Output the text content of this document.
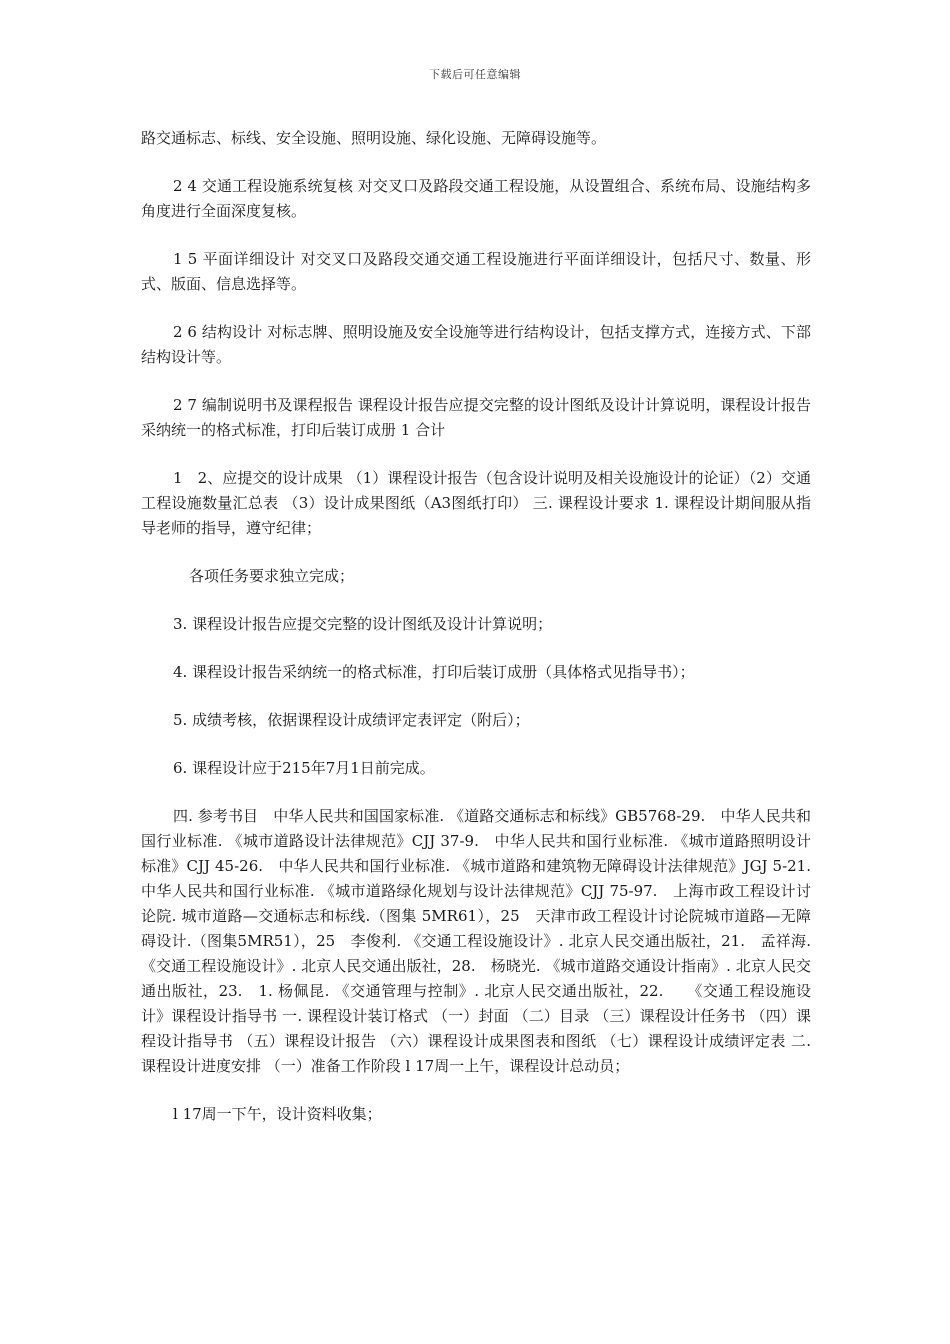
下载后可任意编辑

路交通标志、标线、安全设施、照明设施、绿化设施、无障碍设施等。

2 4 交通工程设施系统复核 对交叉口及路段交通工程设施，从设置组合、系统布局、设施结构多角度进行全面深度复核。

1 5 平面详细设计 对交叉口及路段交通交通工程设施进行平面详细设计，包括尺寸、数量、形式、版面、信息选择等。

2 6 结构设计 对标志牌、照明设施及安全设施等进行结构设计，包括支撑方式，连接方式、下部结构设计等。

2 7 编制说明书及课程报告 课程设计报告应提交完整的设计图纸及设计计算说明，课程设计报告采纳统一的格式标准，打印后装订成册 1 合计

1　2、应提交的设计成果 （1）课程设计报告（包含设计说明及相关设施设计的论证）（2）交通工程设施数量汇总表 （3）设计成果图纸（A3图纸打印） 三. 课程设计要求 1. 课程设计期间服从指导老师的指导，遵守纪律；

各项任务要求独立完成；

3. 课程设计报告应提交完整的设计图纸及设计计算说明；

4. 课程设计报告采纳统一的格式标准，打印后装订成册（具体格式见指导书）；

5. 成绩考核，依据课程设计成绩评定表评定（附后）；

6. 课程设计应于215年7月1日前完成。

四. 参考书目　中华人民共和国国家标准. 《道路交通标志和标线》GB5768-29.　中华人民共和国行业标准. 《城市道路设计法律规范》CJJ 37-9.　中华人民共和国行业标准. 《城市道路照明设计标准》CJJ 45-26.　中华人民共和国行业标准. 《城市道路和建筑物无障碍设计法律规范》JGJ 5-21.　中华人民共和国行业标准. 《城市道路绿化规划与设计法律规范》CJJ 75-97.　上海市政工程设计讨论院. 城市道路—交通标志和标线.（图集 5MR61），25　天津市政工程设计讨论院城市道路—无障碍设计.（图集5MR51），25　李俊利. 《交通工程设施设计》. 北京人民交通出版社，21.　孟祥海. 《交通工程设施设计》. 北京人民交通出版社，28.　杨晓光. 《城市道路交通设计指南》. 北京人民交通出版社，23.　1. 杨佩昆. 《交通管理与控制》. 北京人民交通出版社，22.　　《交通工程设施设计》课程设计指导书 一. 课程设计装订格式 （一）封面 （二）目录 （三）课程设计任务书 （四）课程设计指导书 （五）课程设计报告 （六）课程设计成果图表和图纸 （七）课程设计成绩评定表 二. 课程设计进度安排 （一）准备工作阶段 l 17周一上午，课程设计总动员；

l 17周一下午，设计资料收集；
